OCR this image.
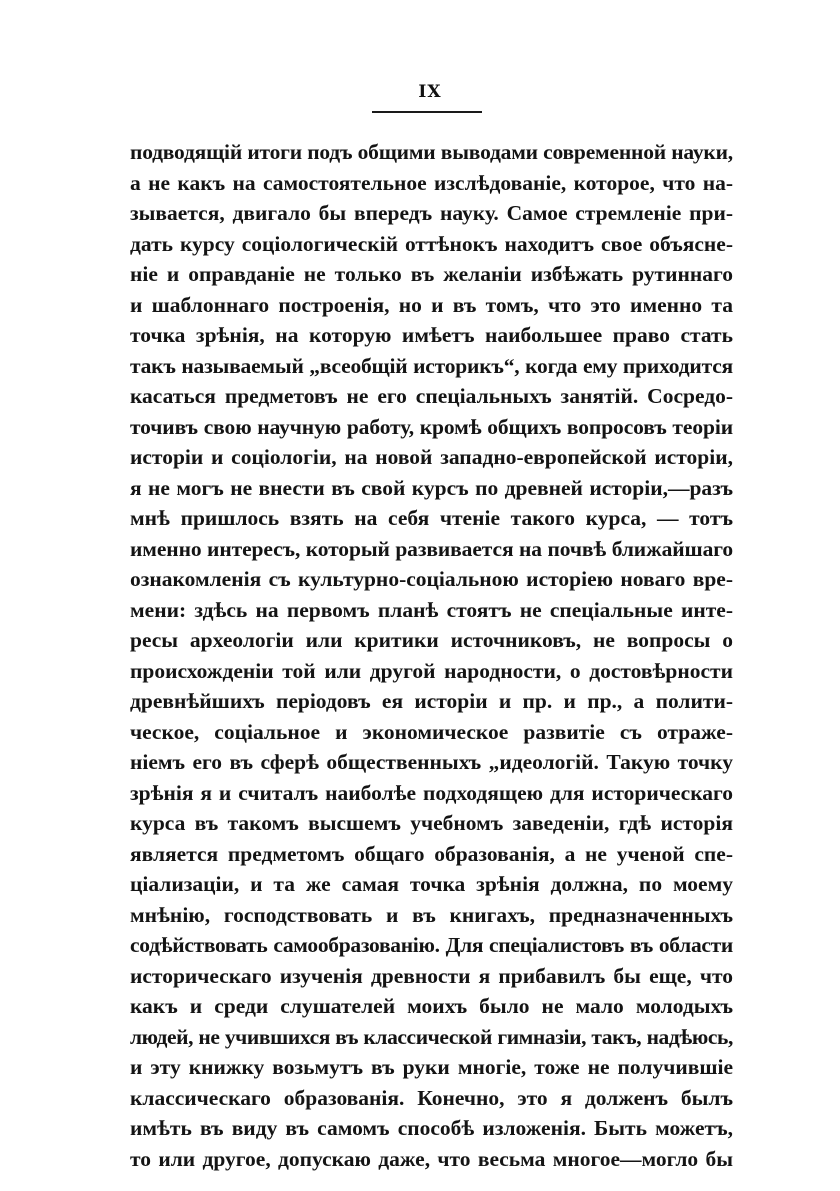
IX
подводящій итоги подъ общими выводами современной науки,
а не какъ на самостоятельное изслѣдованіе, которое, что на-
зывается, двигало бы впередъ науку. Самое стремленіе при-
дать курсу соціологическій оттѣнокъ находитъ свое объясне-
ніе и оправданіе не только въ желаніи избѣжать рутиннаго
и шаблоннаго построенія, но и въ томъ, что это именно та
точка зрѣнія, на которую имѣетъ наибольшее право стать
такъ называемый „всеобщій историкъ“, когда ему приходится
касаться предметовъ не его спеціальныхъ занятій. Сосредо-
точивъ свою научную работу, кромѣ общихъ вопросовъ теоріи
исторіи и соціологіи, на новой западно-европейской исторіи,
я не могъ не внести въ свой курсъ по древней исторіи,—разъ
мнѣ пришлось взять на себя чтеніе такого курса, — тотъ
именно интересъ, который развивается на почвѣ ближайшаго
ознакомленія съ культурно-соціальною исторіею новаго вре-
мени: здѣсь на первомъ планѣ стоятъ не спеціальные инте-
ресы археологіи или критики источниковъ, не вопросы о
происхожденіи той или другой народности, о достовѣрности
древнѣйшихъ періодовъ ея исторіи и пр. и пр., а полити-
ческое, соціальное и экономическое развитіе съ отраже-
ніемъ его въ сферѣ общественныхъ „идеологій. Такую точку
зрѣнія я и считалъ наиболѣе подходящею для историческаго
курса въ такомъ высшемъ учебномъ заведеніи, гдѣ исторія
является предметомъ общаго образованія, а не ученой спе-
ціализаціи, и та же самая точка зрѣнія должна, по моему
мнѣнію, господствовать и въ книгахъ, предназначенныхъ
содѣйствовать самообразованію. Для спеціалистовъ въ области
историческаго изученія древности я прибавилъ бы еще, что
какъ и среди слушателей моихъ было не мало молодыхъ
людей, не учившихся въ классической гимназіи, такъ, надѣюсь,
и эту книжку возьмутъ въ руки многіе, тоже не получившіе
классическаго образованія. Конечно, это я долженъ былъ
имѣть въ виду въ самомъ способѣ изложенія. Быть можетъ,
то или другое, допускаю даже, что весьма многое—могло бы
